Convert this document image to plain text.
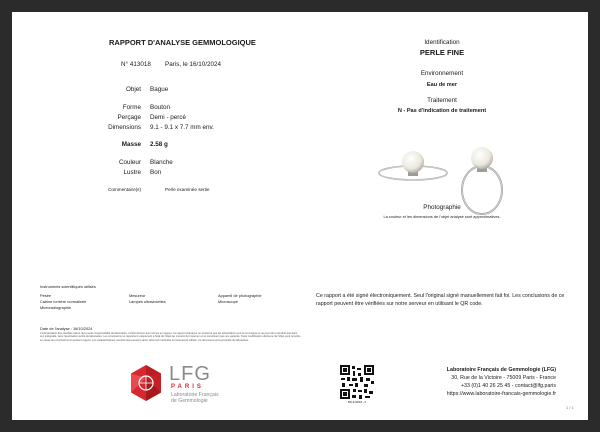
RAPPORT D'ANALYSE GEMMOLOGIQUE
N° 413018 Paris, le 16/10/2024
Objet Bague
Forme Bouton
Perçage Demi - percé
Dimensions 9.1 - 9.1 x 7.7 mm env.
Masse 2.58 g
Couleur Blanche
Lustre Bon
Commentaire(s)	Perle examinée sertie
Identification
PERLE FINE
Environnement
Eau de mer
Traitement
N - Pas d'indication de traitement
Photographie
La couleur et les dimensions de l'objet analysé sont approximatives.
Instruments scientifiques utilisés
Pesée	Mesureur	Appareil de photographie
Cabine lumière normalisée	Lampes ultraviolettes	Microscope
Microradiographie
Ce rapport a été signé électroniquement. Seul l'original signé manuellement fait foi. Les conclusions de ce rapport peuvent être vérifiées sur notre serveur en utilisant le QR code.
Date de l'analyse : 16/10/2024
L'interprétation des résultats relève de la seule responsabilité du laboratoire, conformément aux normes en vigueur. Ce rapport d'analyse ne concerne que les échantillons soumis à l'analyse et ne peut être reproduit que dans son intégralité, sans l'autorisation écrite du laboratoire. Les conclusions se rapportent uniquement à l'état de l'objet au moment de l'examen et ne constituent pas une garantie. Toute modification ultérieure de l'objet peut remettre en cause les conclusions du présent rapport. Les caractéristiques mentionnées peuvent varier selon les méthodes et instruments utilisés. Ce document est la propriété du laboratoire.
LFG
PARIS
Laboratoire Français
de Gemmologie	BN-410018 - 2
Laboratoire Français de Gemmologie (LFG)
30, Rue de la Victoire - 75009 Paris - France
+33 (0)1 40 26 25 45 - contact@lfg.paris
https://www.laboratoire-francais-gemmologie.fr
1 / 1
